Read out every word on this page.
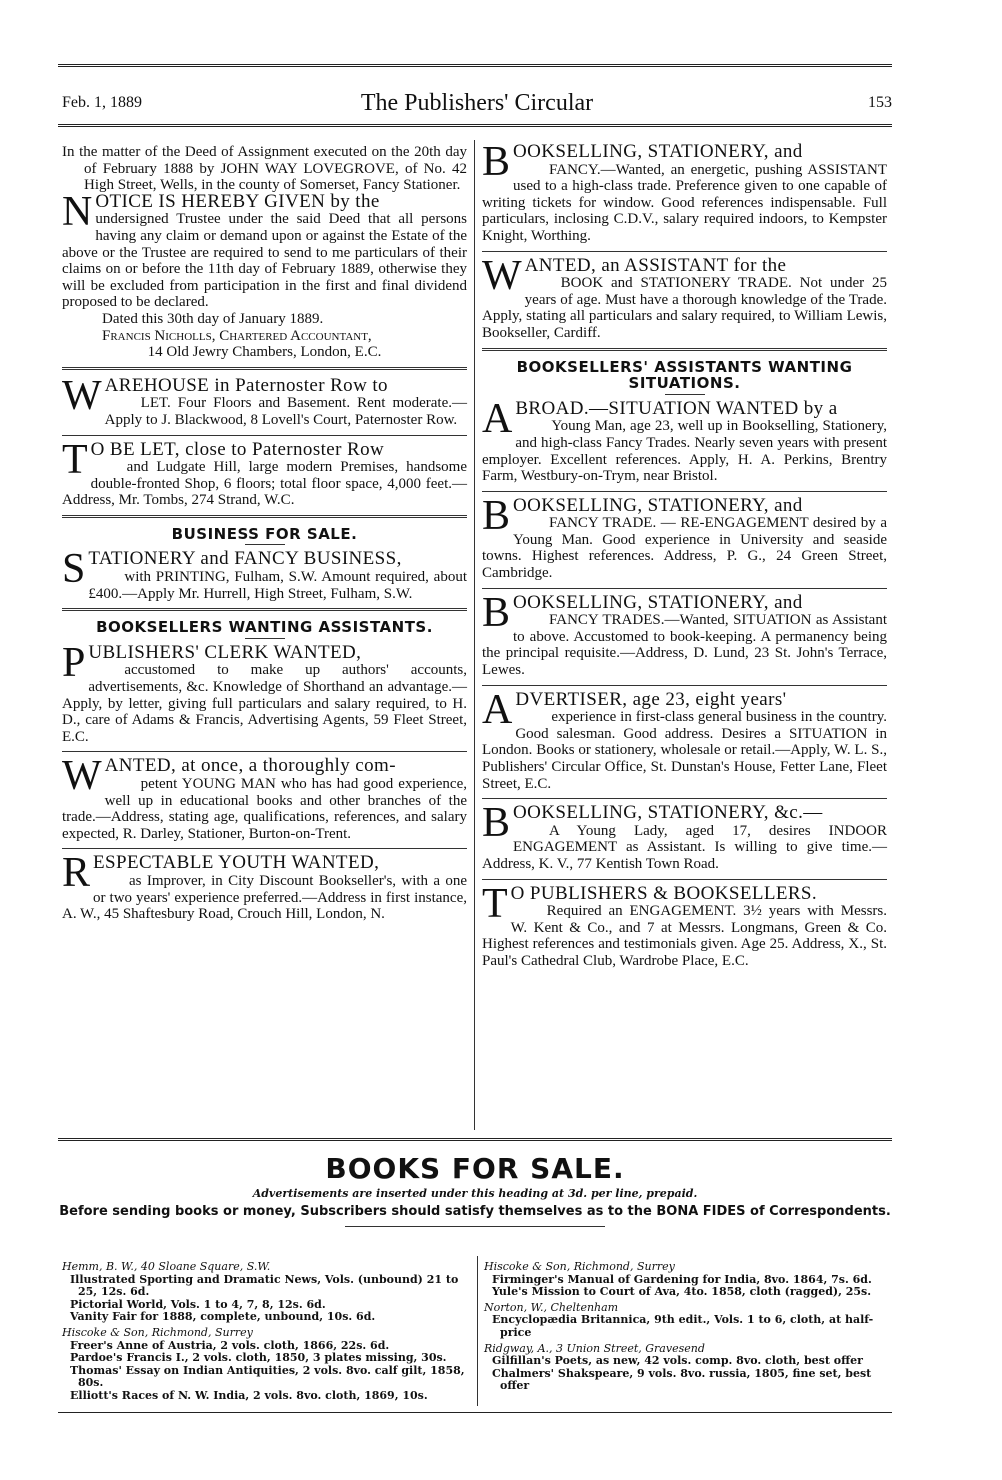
Feb. 1, 1889	The Publishers' Circular	153

In the matter of the Deed of Assignment executed on the 20th day of February 1888 by JOHN WAY LOVEGROVE, of No. 42 High Street, Wells, in the county of Somerset, Fancy Stationer.

NOTICE IS HEREBY GIVEN by the

undersigned Trustee under the said Deed that all persons having any claim or demand upon or against the Estate of the above or the Trustee are required to send to me particulars of their claims on or before the 11th day of February 1889, otherwise they will be excluded from participation in the first and final dividend proposed to be declared.

Dated this 30th day of January 1889.

Francis Nicholls, Chartered Accountant,

14 Old Jewry Chambers, London, E.C.

WAREHOUSE in Paternoster Row to

LET. Four Floors and Basement. Rent moderate.—Apply to J. Blackwood, 8 Lovell's Court, Paternoster Row.

T O BE LET, close to Paternoster Row

and Ludgate Hill, large modern Premises, handsome double-fronted Shop, 6 floors; total floor space, 4,000 feet.—Address, Mr. Tombs, 274 Strand, W.C.

BUSINESS FOR SALE.

STATIONERY and FANCY BUSINESS,

with PRINTING, Fulham, S.W. Amount required, about £400.—Apply Mr. Hurrell, High Street, Fulham, S.W.

BOOKSELLERS WANTING ASSISTANTS.

PUBLISHERS' CLERK WANTED,

accustomed to make up authors' accounts, advertisements, &c. Knowledge of Shorthand an advantage.—Apply, by letter, giving full particulars and salary required, to H. D., care of Adams & Francis, Advertising Agents, 59 Fleet Street, E.C.

WANTED, at once, a thoroughly com-

petent YOUNG MAN who has had good experience, well up in educational books and other branches of the trade.—Address, stating age, qualifications, references, and salary expected, R. Darley, Stationer, Burton-on-Trent.

RESPECTABLE YOUTH WANTED,

as Improver, in City Discount Bookseller's, with a one or two years' experience preferred.—Address in first instance, A. W., 45 Shaftesbury Road, Crouch Hill, London, N.

BOOKSELLING, STATIONERY, and

FANCY.—Wanted, an energetic, pushing ASSISTANT used to a high-class trade. Preference given to one capable of writing tickets for window. Good references indispensable. Full particulars, inclosing C.D.V., salary required indoors, to Kempster Knight, Worthing.

WANTED, an ASSISTANT for the

BOOK and STATIONERY TRADE. Not under 25 years of age. Must have a thorough knowledge of the Trade. Apply, stating all particulars and salary required, to William Lewis, Bookseller, Cardiff.

BOOKSELLERS' ASSISTANTS WANTING
SITUATIONS.

ABROAD.—SITUATION WANTED by a

Young Man, age 23, well up in Bookselling, Stationery, and high-class Fancy Trades. Nearly seven years with present employer. Excellent references. Apply, H. A. Perkins, Brentry Farm, Westbury-on-Trym, near Bristol.

BOOKSELLING, STATIONERY, and

FANCY TRADE. — RE-ENGAGEMENT desired by a Young Man. Good experience in University and seaside towns. Highest references. Address, P. G., 24 Green Street, Cambridge.

BOOKSELLING, STATIONERY, and

FANCY TRADES.—Wanted, SITUATION as Assistant to above. Accustomed to book-keeping. A permanency being the principal requisite.—Address, D. Lund, 23 St. John's Terrace, Lewes.

ADVERTISER, age 23, eight years'

experience in first-class general business in the country. Good salesman. Good address. Desires a SITUATION in London. Books or stationery, wholesale or retail.—Apply, W. L. S., Publishers' Circular Office, St. Dunstan's House, Fetter Lane, Fleet Street, E.C.

BOOKSELLING, STATIONERY, &c.—

A Young Lady, aged 17, desires INDOOR ENGAGEMENT as Assistant. Is willing to give time.—Address, K. V., 77 Kentish Town Road.

T O PUBLISHERS & BOOKSELLERS.

Required an ENGAGEMENT. 3½ years with Messrs. W. Kent & Co., and 7 at Messrs. Longmans, Green & Co. Highest references and testimonials given. Age 25. Address, X., St. Paul's Cathedral Club, Wardrobe Place, E.C.

BOOKS FOR SALE.
Advertisements are inserted under this heading at 3d. per line, prepaid.
Before sending books or money, Subscribers should satisfy themselves as to the BONA FIDES of Correspondents.
Hemm, B. W., 40 Sloane Square, S.W.
Illustrated Sporting and Dramatic News, Vols. (unbound) 21 to 25, 12s. 6d.
Pictorial World, Vols. 1 to 4, 7, 8, 12s. 6d.
Vanity Fair for 1888, complete, unbound, 10s. 6d.
Hiscoke & Son, Richmond, Surrey
Freer's Anne of Austria, 2 vols. cloth, 1866, 22s. 6d.
Pardoe's Francis I., 2 vols. cloth, 1850, 3 plates missing, 30s.
Thomas' Essay on Indian Antiquities, 2 vols. 8vo. calf gilt, 1858, 80s.
Elliott's Races of N. W. India, 2 vols. 8vo. cloth, 1869, 10s.
Hiscoke & Son, Richmond, Surrey
Firminger's Manual of Gardening for India, 8vo. 1864, 7s. 6d.
Yule's Mission to Court of Ava, 4to. 1858, cloth (ragged), 25s.
Norton, W., Cheltenham
Encyclopædia Britannica, 9th edit., Vols. 1 to 6, cloth, at half-price
Ridgway, A., 3 Union Street, Gravesend
Gilfillan's Poets, as new, 42 vols. comp. 8vo. cloth, best offer
Chalmers' Shakspeare, 9 vols. 8vo. russia, 1805, fine set, best offer
